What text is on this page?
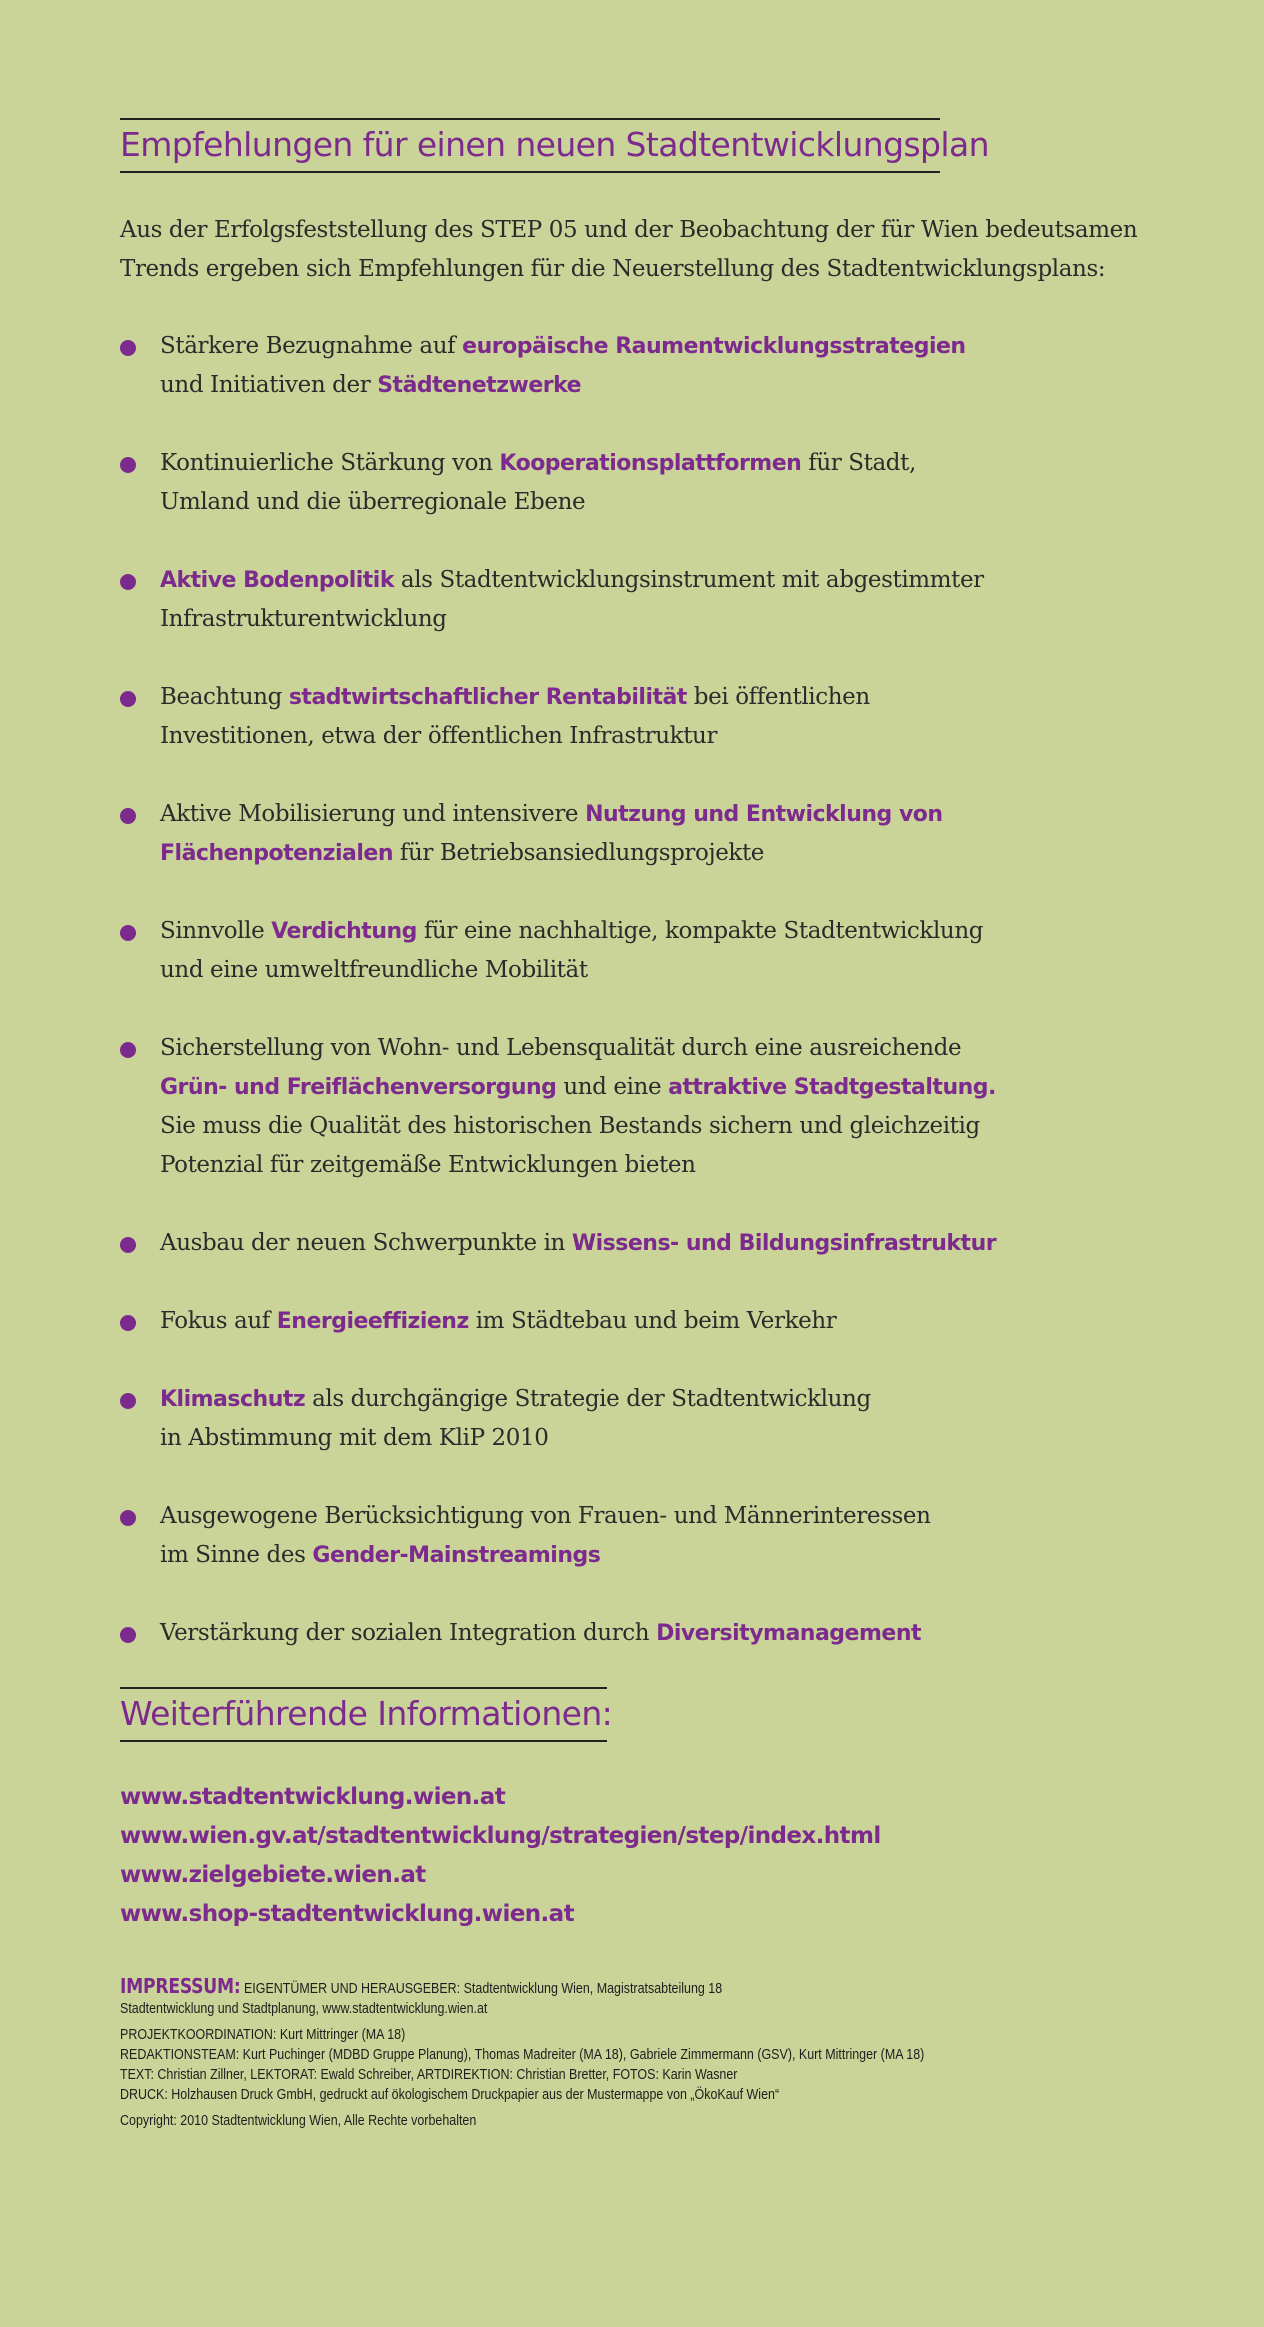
Empfehlungen für einen neuen Stadtentwicklungsplan
Aus der Erfolgsfeststellung des STEP 05 und der Beobachtung der für Wien bedeutsamen
Trends ergeben sich Empfehlungen für die Neuerstellung des Stadtentwicklungsplans:
Stärkere Bezugnahme auf europäische Raumentwicklungsstrategien
und Initiativen der Städtenetzwerke
Kontinuierliche Stärkung von Kooperationsplattformen für Stadt,
Umland und die überregionale Ebene
Aktive Bodenpolitik als Stadtentwicklungsinstrument mit abgestimmter
Infrastrukturentwicklung
Beachtung stadtwirtschaftlicher Rentabilität bei öffentlichen
Investitionen, etwa der öffentlichen Infrastruktur
Aktive Mobilisierung und intensivere Nutzung und Entwicklung von
Flächenpotenzialen für Betriebsansiedlungsprojekte
Sinnvolle Verdichtung für eine nachhaltige, kompakte Stadtentwicklung
und eine umweltfreundliche Mobilität
Sicherstellung von Wohn- und Lebensqualität durch eine ausreichende
Grün- und Freiflächenversorgung und eine attraktive Stadtgestaltung.
Sie muss die Qualität des historischen Bestands sichern und gleichzeitig
Potenzial für zeitgemäße Entwicklungen bieten
Ausbau der neuen Schwerpunkte in Wissens- und Bildungsinfrastruktur
Fokus auf Energieeffizienz im Städtebau und beim Verkehr
Klimaschutz als durchgängige Strategie der Stadtentwicklung
in Abstimmung mit dem KliP 2010
Ausgewogene Berücksichtigung von Frauen- und Männerinteressen
im Sinne des Gender-Mainstreamings
Verstärkung der sozialen Integration durch Diversitymanagement
Weiterführende Informationen:
www.stadtentwicklung.wien.at
www.wien.gv.at/stadtentwicklung/strategien/step/index.html
www.zielgebiete.wien.at
www.shop-stadtentwicklung.wien.at
IMPRESSUM: EIGENTÜMER UND HERAUSGEBER: Stadtentwicklung Wien, Magistratsabteilung 18
Stadtentwicklung und Stadtplanung, www.stadtentwicklung.wien.at
PROJEKTKOORDINATION: Kurt Mittringer (MA 18)
REDAKTIONSTEAM: Kurt Puchinger (MDBD Gruppe Planung), Thomas Madreiter (MA 18), Gabriele Zimmermann (GSV), Kurt Mittringer (MA 18)
TEXT: Christian Zillner, LEKTORAT: Ewald Schreiber, ARTDIREKTION: Christian Bretter, FOTOS: Karin Wasner
DRUCK: Holzhausen Druck GmbH, gedruckt auf ökologischem Druckpapier aus der Mustermappe von „ÖkoKauf Wien“
Copyright: 2010 Stadtentwicklung Wien, Alle Rechte vorbehalten
